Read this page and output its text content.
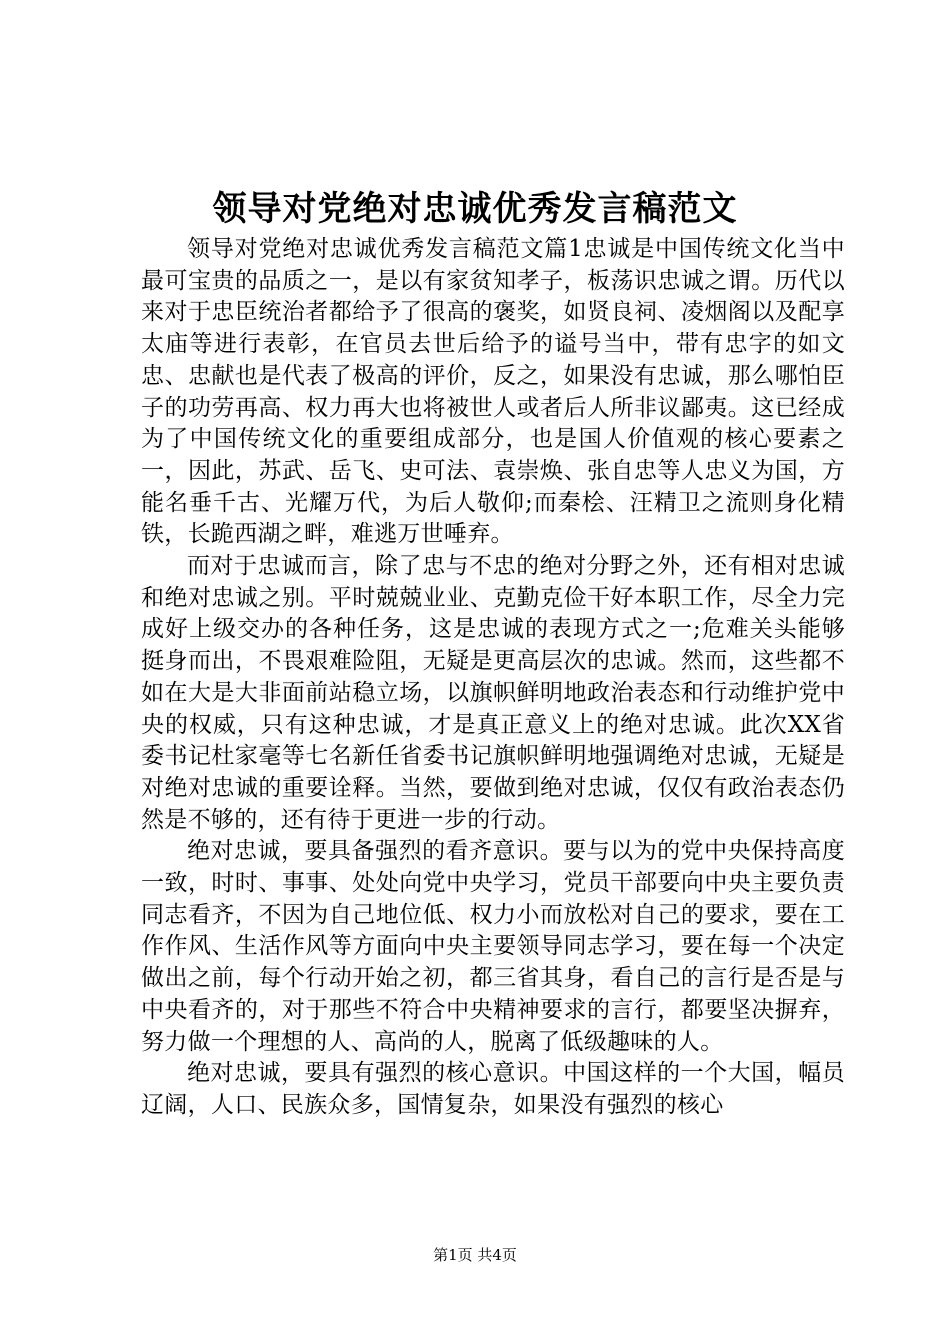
领导对党绝对忠诚优秀发言稿范文

领导对党绝对忠诚优秀发言稿范文篇1忠诚是中国传统文化当中最可宝贵的品质之一，是以有家贫知孝子，板荡识忠诚之谓。历代以来对于忠臣统治者都给予了很高的褒奖，如贤良祠、凌烟阁以及配享太庙等进行表彰，在官员去世后给予的谥号当中，带有忠字的如文忠、忠献也是代表了极高的评价，反之，如果没有忠诚，那么哪怕臣子的功劳再高、权力再大也将被世人或者后人所非议鄙夷。这已经成为了中国传统文化的重要组成部分，也是国人价值观的核心要素之一，因此，苏武、岳飞、史可法、袁崇焕、张自忠等人忠义为国，方能名垂千古、光耀万代，为后人敬仰;而秦桧、汪精卫之流则身化精铁，长跪西湖之畔，难逃万世唾弃。

而对于忠诚而言，除了忠与不忠的绝对分野之外，还有相对忠诚和绝对忠诚之别。平时兢兢业业、克勤克俭干好本职工作，尽全力完成好上级交办的各种任务，这是忠诚的表现方式之一;危难关头能够挺身而出，不畏艰难险阻，无疑是更高层次的忠诚。然而，这些都不如在大是大非面前站稳立场，以旗帜鲜明地政治表态和行动维护党中央的权威，只有这种忠诚，才是真正意义上的绝对忠诚。此次XX省委书记杜家毫等七名新任省委书记旗帜鲜明地强调绝对忠诚，无疑是对绝对忠诚的重要诠释。当然，要做到绝对忠诚，仅仅有政治表态仍然是不够的，还有待于更进一步的行动。

绝对忠诚，要具备强烈的看齐意识。要与以为的党中央保持高度一致，时时、事事、处处向党中央学习，党员干部要向中央主要负责同志看齐，不因为自己地位低、权力小而放松对自己的要求，要在工作作风、生活作风等方面向中央主要领导同志学习，要在每一个决定做出之前，每个行动开始之初，都三省其身，看自己的言行是否是与中央看齐的，对于那些不符合中央精神要求的言行，都要坚决摒弃，努力做一个理想的人、高尚的人，脱离了低级趣味的人。

绝对忠诚，要具有强烈的核心意识。中国这样的一个大国，幅员辽阔，人口、民族众多，国情复杂，如果没有强烈的核心

第1页 共4页
